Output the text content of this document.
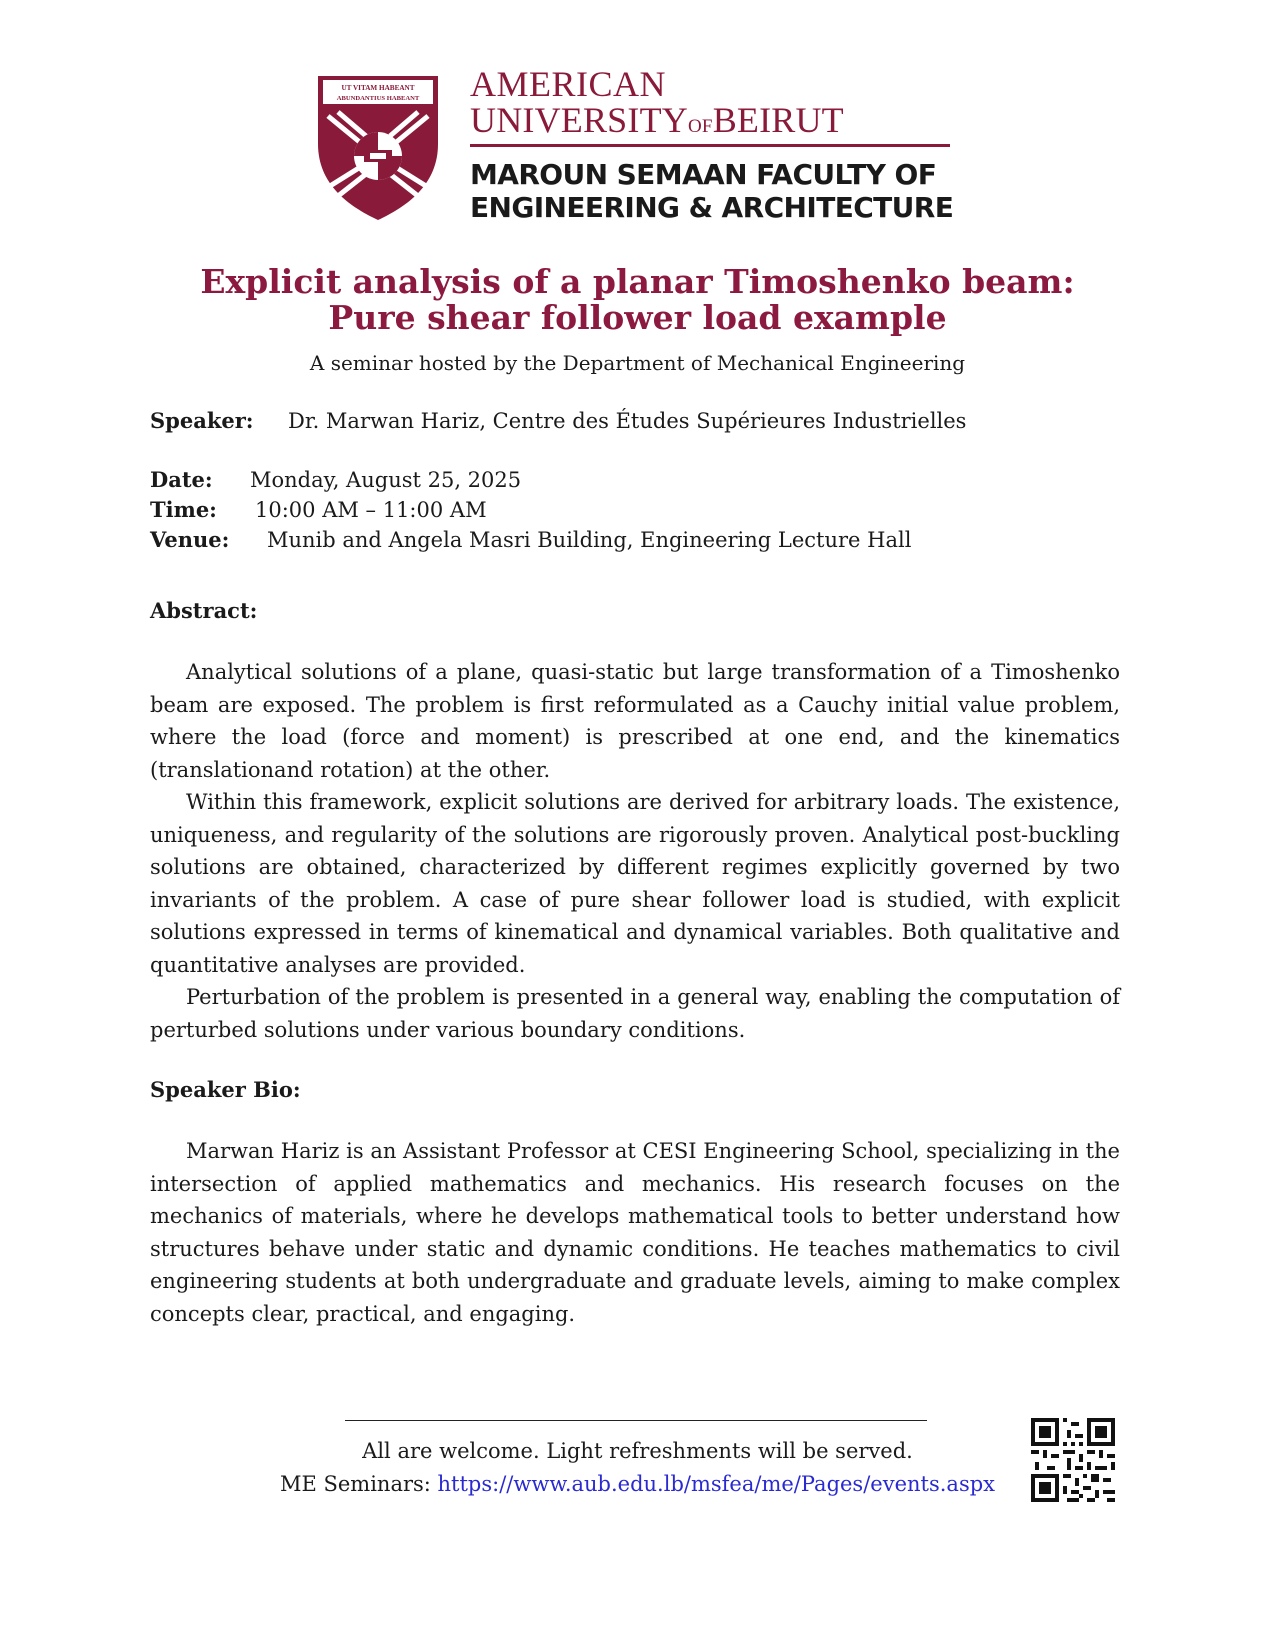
UT VITAM HABEANT
ABUNDANTIUS HABEANT AMERICAN
UNIVERSITYOFBEIRUT
MAROUN SEMAAN FACULTY OF
ENGINEERING & ARCHITECTURE
Explicit analysis of a planar Timoshenko beam:
Pure shear follower load example
A seminar hosted by the Department of Mechanical Engineering
Speaker: Dr. Marwan Hariz, Centre des Études Supérieures Industrielles
Date: Monday, August 25, 2025
Time: 10:00 AM – 11:00 AM
Venue: Munib and Angela Masri Building, Engineering Lecture Hall
Abstract:
Analytical solutions of a plane, quasi-static but large transformation of a Timoshenko beam are exposed. The problem is first reformulated as a Cauchy initial value problem, where the load (force and moment) is prescribed at one end, and the kinematics (translationand rotation) at the other.
Within this framework, explicit solutions are derived for arbitrary loads. The existence, uniqueness, and regularity of the solutions are rigorously proven. Analytical post-buckling solutions are obtained, characterized by different regimes explicitly governed by two invariants of the problem. A case of pure shear follower load is studied, with explicit solutions expressed in terms of kinematical and dynamical variables. Both qualitative and quantitative analyses are provided.
Perturbation of the problem is presented in a general way, enabling the computation of perturbed solutions under various boundary conditions.
Speaker Bio:
Marwan Hariz is an Assistant Professor at CESI Engineering School, specializing in the intersection of applied mathematics and mechanics. His research focuses on the mechanics of materials, where he develops mathematical tools to better understand how structures behave under static and dynamic conditions. He teaches mathematics to civil engineering students at both undergraduate and graduate levels, aiming to make complex concepts clear, practical, and engaging.
All are welcome. Light refreshments will be served.
ME Seminars: https://www.aub.edu.lb/msfea/me/Pages/events.aspx
